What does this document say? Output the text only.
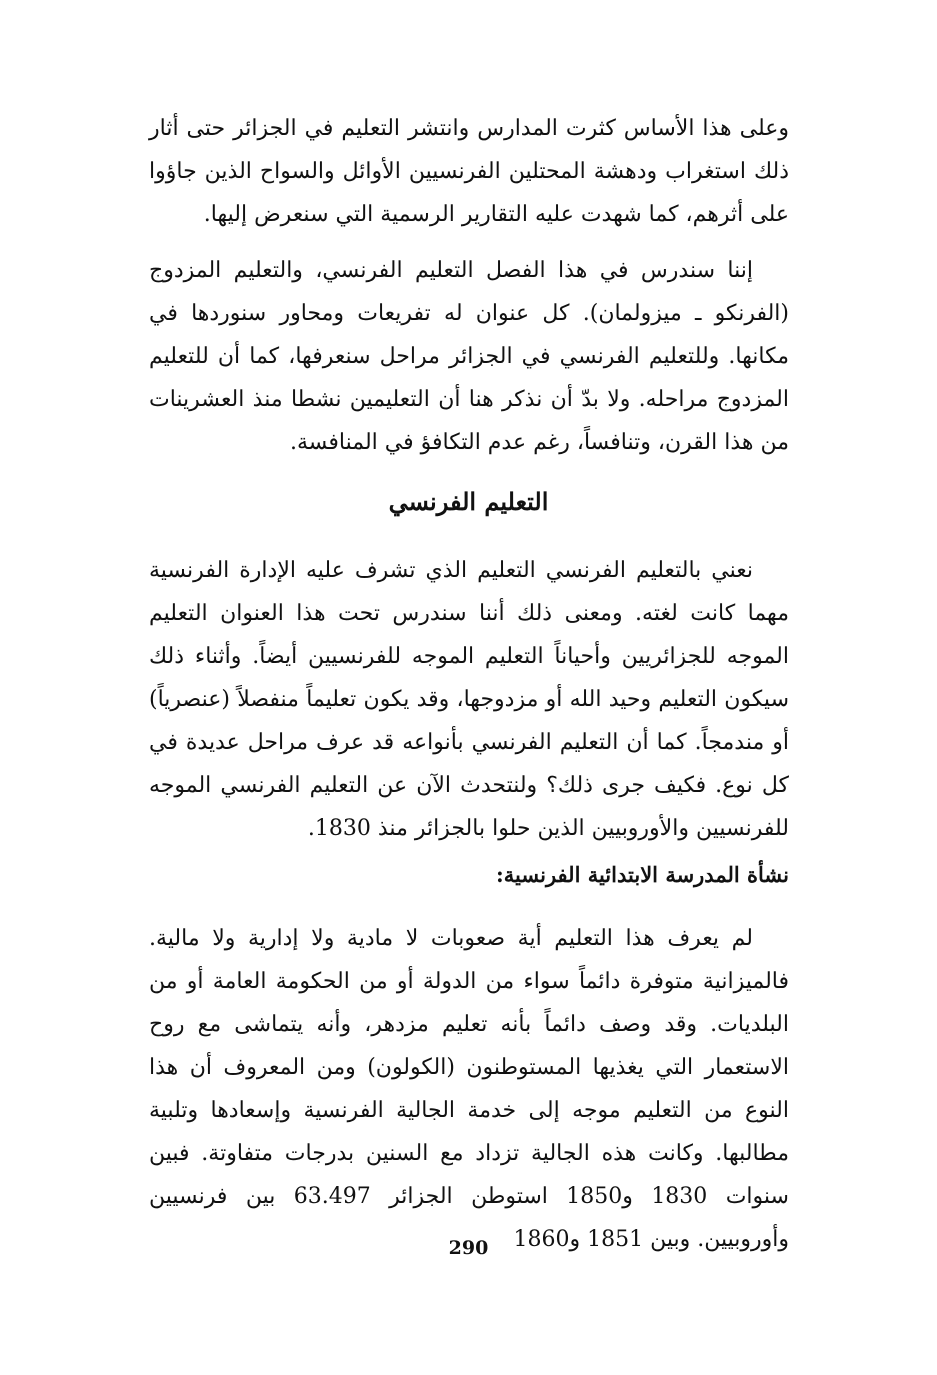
وعلى هذا الأساس كثرت المدارس وانتشر التعليم في الجزائر حتى أثار ذلك استغراب ودهشة المحتلين الفرنسيين الأوائل والسواح الذين جاؤوا على أثرهم، كما شهدت عليه التقارير الرسمية التي سنعرض إليها.

إننا سندرس في هذا الفصل التعليم الفرنسي، والتعليم المزدوج (الفرنكو ـ ميزولمان). كل عنوان له تفريعات ومحاور سنوردها في مكانها. وللتعليم الفرنسي في الجزائر مراحل سنعرفها، كما أن للتعليم المزدوج مراحله. ولا بدّ أن نذكر هنا أن التعليمين نشطا منذ العشرينات من هذا القرن، وتنافساً، رغم عدم التكافؤ في المنافسة.

التعليم الفرنسي

نعني بالتعليم الفرنسي التعليم الذي تشرف عليه الإدارة الفرنسية مهما كانت لغته. ومعنى ذلك أننا سندرس تحت هذا العنوان التعليم الموجه للجزائريين وأحياناً التعليم الموجه للفرنسيين أيضاً. وأثناء ذلك سيكون التعليم وحيد الله أو مزدوجها، وقد يكون تعليماً منفصلاً (عنصرياً) أو مندمجاً. كما أن التعليم الفرنسي بأنواعه قد عرف مراحل عديدة في كل نوع. فكيف جرى ذلك؟ ولنتحدث الآن عن التعليم الفرنسي الموجه للفرنسيين والأوروبيين الذين حلوا بالجزائر منذ 1830.

نشأة المدرسة الابتدائية الفرنسية:

لم يعرف هذا التعليم أية صعوبات لا مادية ولا إدارية ولا مالية. فالميزانية متوفرة دائماً سواء من الدولة أو من الحكومة العامة أو من البلديات. وقد وصف دائماً بأنه تعليم مزدهر، وأنه يتماشى مع روح الاستعمار التي يغذيها المستوطنون (الكولون) ومن المعروف أن هذا النوع من التعليم موجه إلى خدمة الجالية الفرنسية وإسعادها وتلبية مطالبها. وكانت هذه الجالية تزداد مع السنين بدرجات متفاوتة. فبين سنوات 1830 و1850 استوطن الجزائر 63.497 بين فرنسيين وأوروبيين. وبين 1851 و1860

290
